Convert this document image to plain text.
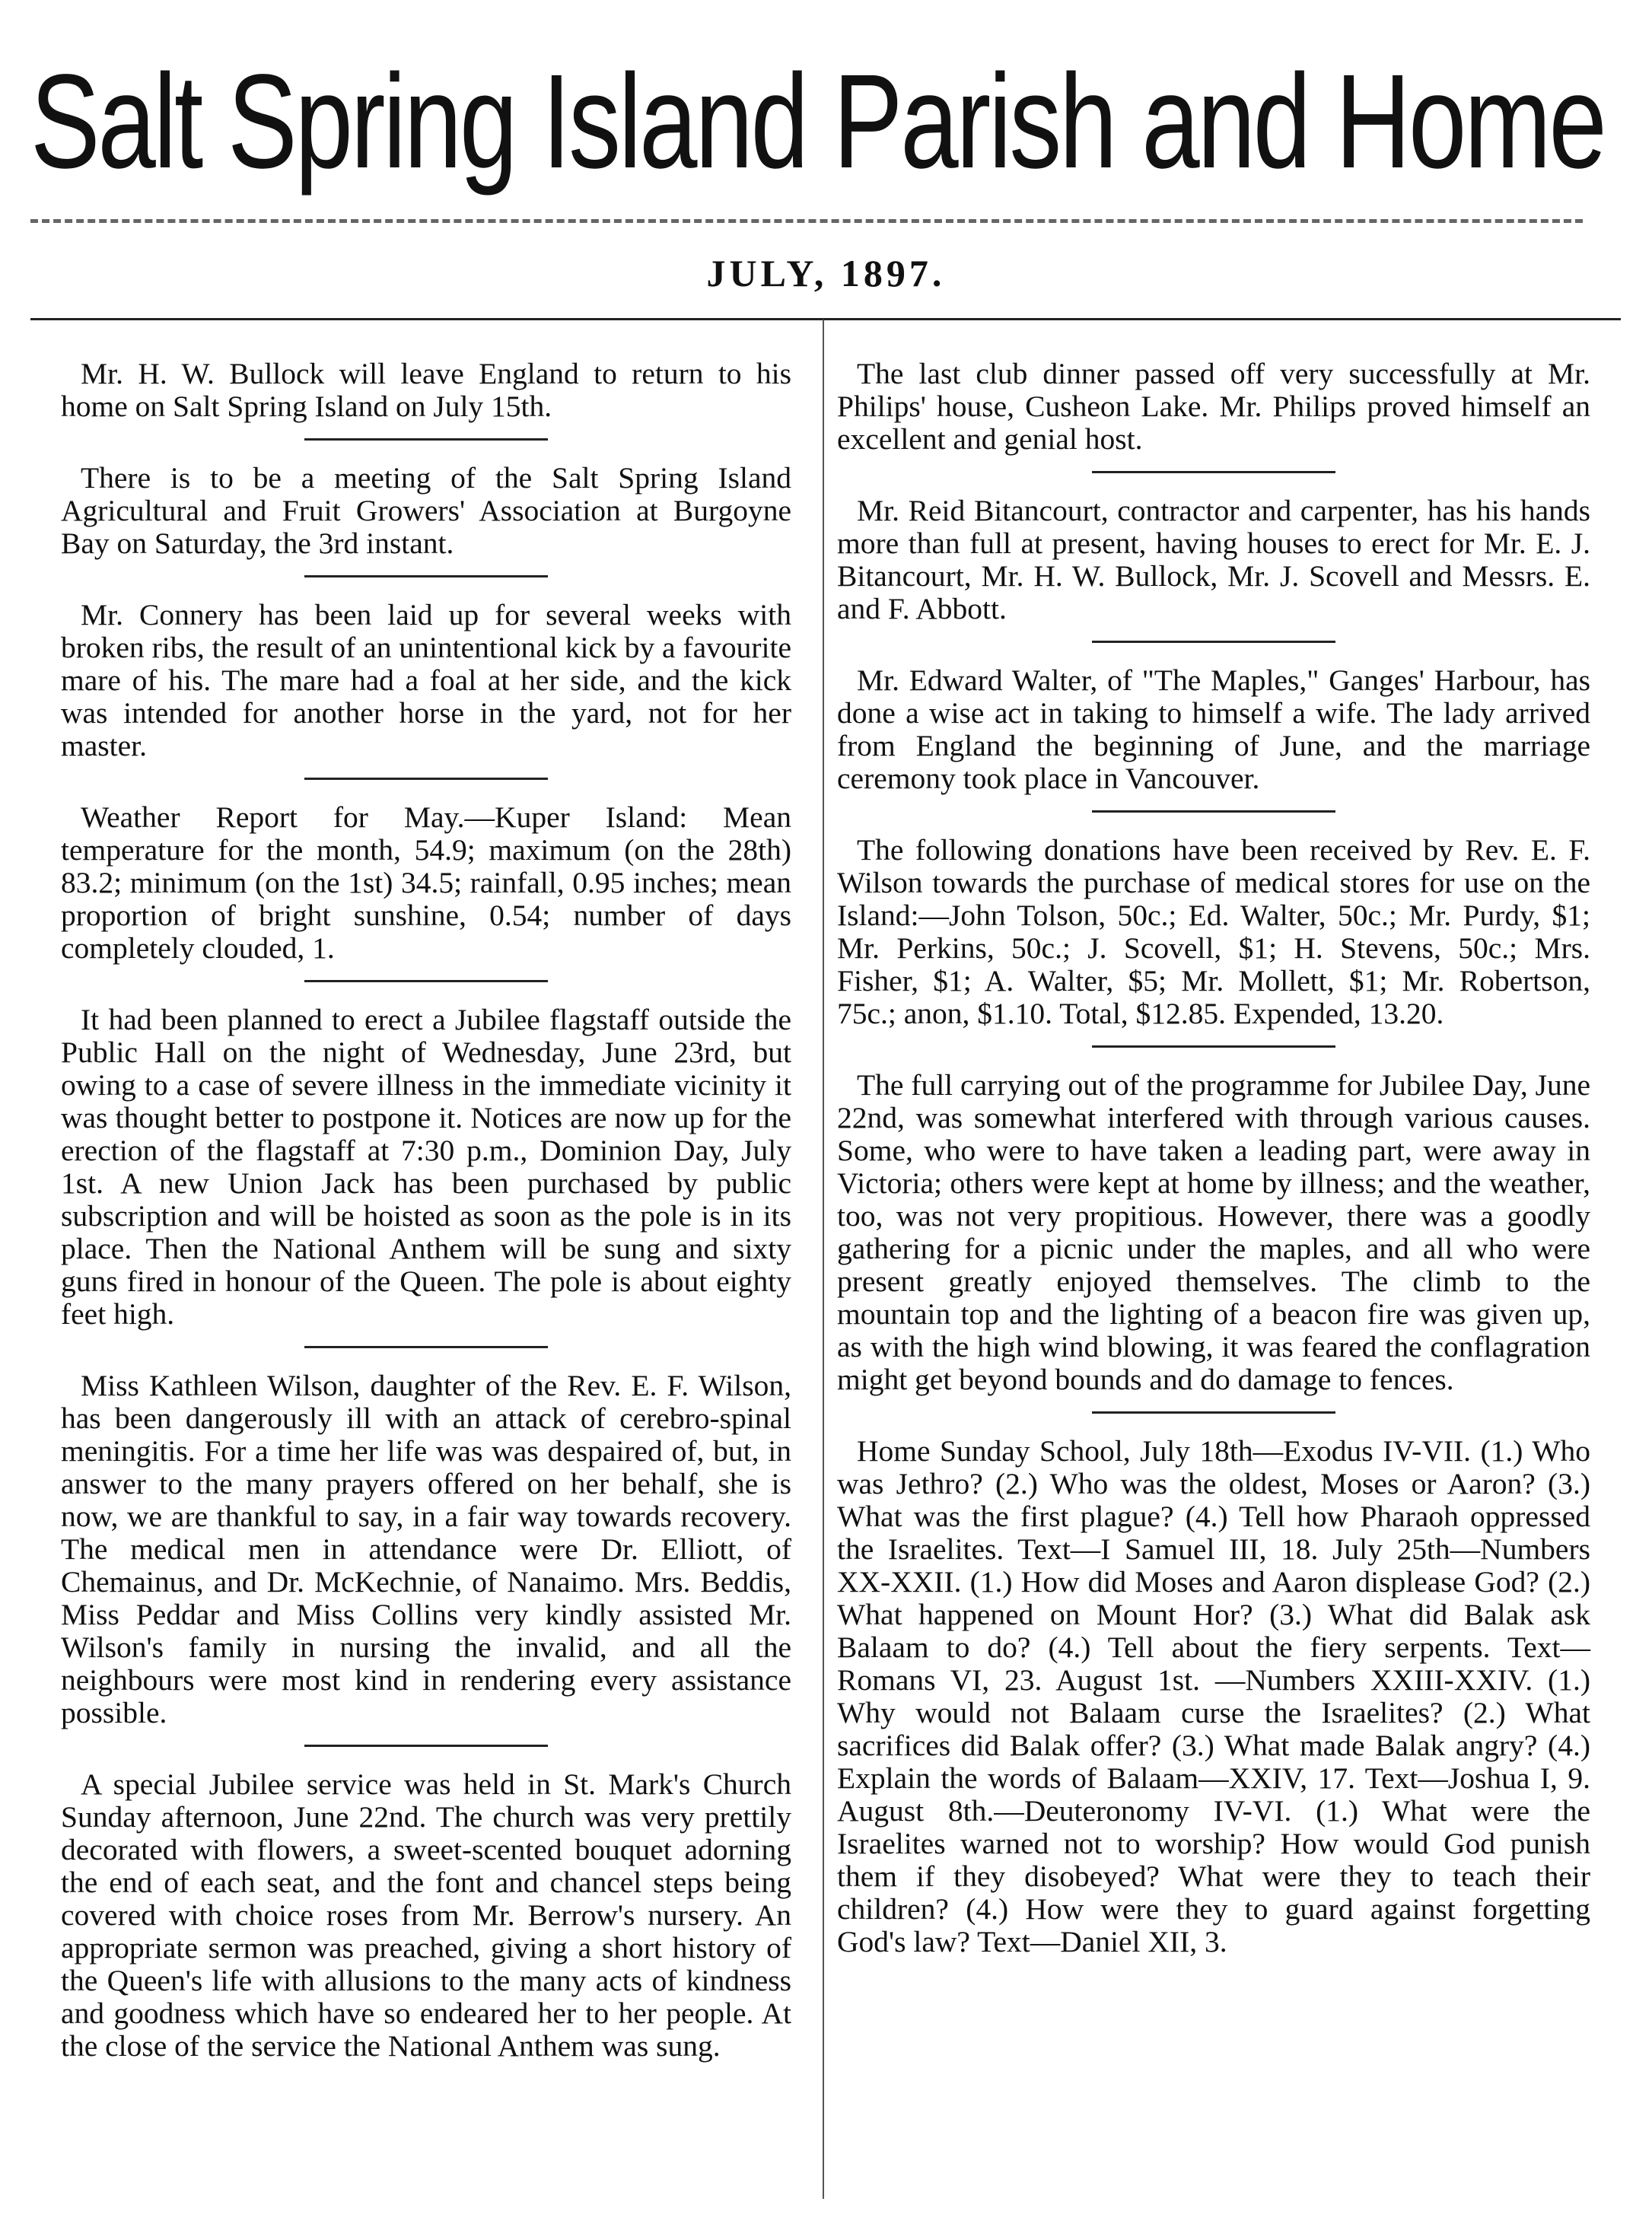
Salt Spring Island Parish and Home
JULY, 1897.

Mr. H. W. Bullock will leave England to return to his home on Salt Spring Island on July 15th.

There is to be a meeting of the Salt Spring Island Agricultural and Fruit Growers' Association at Burgoyne Bay on Saturday, the 3rd instant.

Mr. Connery has been laid up for several weeks with broken ribs, the result of an unintentional kick by a favourite mare of his. The mare had a foal at her side, and the kick was intended for another horse in the yard, not for her master.

Weather Report for May.—Kuper Island: Mean temperature for the month, 54.9; maximum (on the 28th) 83.2; minimum (on the 1st) 34.5; rainfall, 0.95 inches; mean proportion of bright sunshine, 0.54; number of days completely clouded, 1.

It had been planned to erect a Jubilee flagstaff outside the Public Hall on the night of Wednesday, June 23rd, but owing to a case of severe illness in the immediate vicinity it was thought better to postpone it. Notices are now up for the erection of the flagstaff at 7:30 p.m., Dominion Day, July 1st. A new Union Jack has been purchased by public subscription and will be hoisted as soon as the pole is in its place. Then the National Anthem will be sung and sixty guns fired in honour of the Queen. The pole is about eighty feet high.

Miss Kathleen Wilson, daughter of the Rev. E. F. Wilson, has been dangerously ill with an attack of cerebro-spinal meningitis. For a time her life was was despaired of, but, in answer to the many prayers offered on her behalf, she is now, we are thankful to say, in a fair way towards recovery. The medical men in attendance were Dr. Elliott, of Chemainus, and Dr. McKechnie, of Nanaimo. Mrs. Beddis, Miss Peddar and Miss Collins very kindly assisted Mr. Wilson's family in nursing the invalid, and all the neighbours were most kind in rendering every assistance possible.

A special Jubilee service was held in St. Mark's Church Sunday afternoon, June 22nd. The church was very prettily decorated with flowers, a sweet-scented bouquet adorning the end of each seat, and the font and chancel steps being covered with choice roses from Mr. Berrow's nursery. An appropriate sermon was preached, giving a short history of the Queen's life with allusions to the many acts of kindness and goodness which have so endeared her to her people. At the close of the service the National Anthem was sung.

The last club dinner passed off very successfully at Mr. Philips' house, Cusheon Lake. Mr. Philips proved himself an excellent and genial host.

Mr. Reid Bitancourt, contractor and carpenter, has his hands more than full at present, having houses to erect for Mr. E. J. Bitancourt, Mr. H. W. Bullock, Mr. J. Scovell and Messrs. E. and F. Abbott.

Mr. Edward Walter, of "The Maples," Ganges' Harbour, has done a wise act in taking to himself a wife. The lady arrived from England the beginning of June, and the marriage ceremony took place in Vancouver.

The following donations have been received by Rev. E. F. Wilson towards the purchase of medical stores for use on the Island:—John Tolson, 50c.; Ed. Walter, 50c.; Mr. Purdy, $1; Mr. Perkins, 50c.; J. Scovell, $1; H. Stevens, 50c.; Mrs. Fisher, $1; A. Walter, $5; Mr. Mollett, $1; Mr. Robertson, 75c.; anon, $1.10. Total, $12.85. Expended, 13.20.

The full carrying out of the programme for Jubilee Day, June 22nd, was somewhat interfered with through various causes. Some, who were to have taken a leading part, were away in Victoria; others were kept at home by illness; and the weather, too, was not very propitious. However, there was a goodly gathering for a picnic under the maples, and all who were present greatly enjoyed themselves. The climb to the mountain top and the lighting of a beacon fire was given up, as with the high wind blowing, it was feared the conflagration might get beyond bounds and do damage to fences.

Home Sunday School, July 18th—Exodus IV-VII. (1.) Who was Jethro? (2.) Who was the oldest, Moses or Aaron? (3.) What was the first plague? (4.) Tell how Pharaoh oppressed the Israelites. Text—I Samuel III, 18. July 25th—Numbers XX-XXII. (1.) How did Moses and Aaron displease God? (2.) What happened on Mount Hor? (3.) What did Balak ask Balaam to do? (4.) Tell about the fiery serpents. Text—Romans VI, 23. August 1st. —Numbers XXIII-XXIV. (1.) Why would not Balaam curse the Israelites? (2.) What sacrifices did Balak offer? (3.) What made Balak angry? (4.) Explain the words of Balaam—XXIV, 17. Text—Joshua I, 9. August 8th.—Deuteronomy IV-VI. (1.) What were the Israelites warned not to worship? How would God punish them if they disobeyed? What were they to teach their children? (4.) How were they to guard against forgetting God's law? Text—Daniel XII, 3.
